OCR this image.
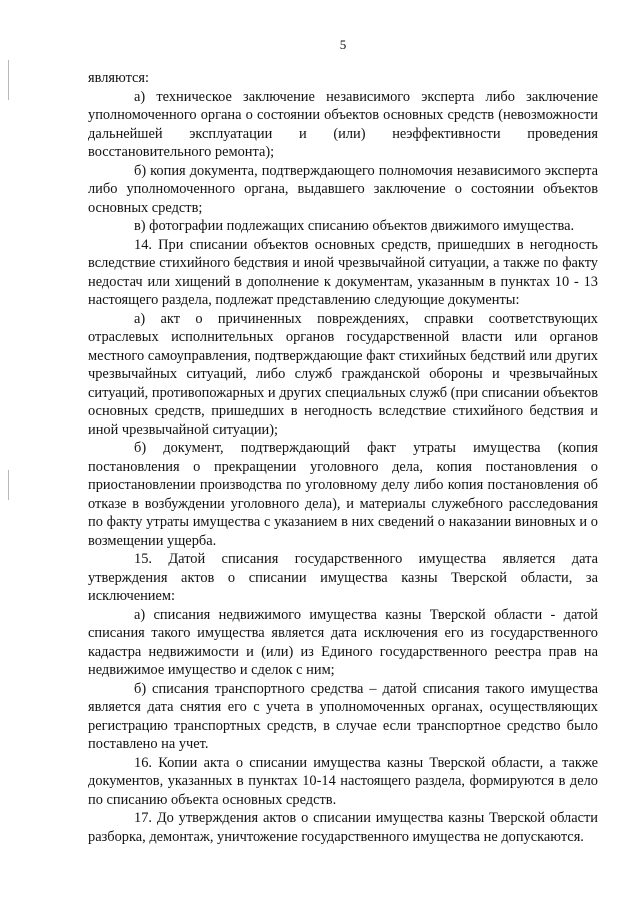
5

являются:

а) техническое заключение независимого эксперта либо заключение уполномоченного органа о состоянии объектов основных средств (невозможности дальнейшей эксплуатации и (или) неэффективности проведения восстановительного ремонта);

б) копия документа, подтверждающего полномочия независимого эксперта либо уполномоченного органа, выдавшего заключение о состоянии объектов основных средств;

в) фотографии подлежащих списанию объектов движимого имущества.

14. При списании объектов основных средств, пришедших в негодность вследствие стихийного бедствия и иной чрезвычайной ситуации, а также по факту недостач или хищений в дополнение к документам, указанным в пунктах 10 - 13 настоящего раздела, подлежат представлению следующие документы:

а) акт о причиненных повреждениях, справки соответствующих отраслевых исполнительных органов государственной власти или органов местного самоуправления, подтверждающие факт стихийных бедствий или других чрезвычайных ситуаций, либо служб гражданской обороны и чрезвычайных ситуаций, противопожарных и других специальных служб (при списании объектов основных средств, пришедших в негодность вследствие стихийного бедствия и иной чрезвычайной ситуации);

б) документ, подтверждающий факт утраты имущества (копия постановления о прекращении уголовного дела, копия постановления о приостановлении производства по уголовному делу либо копия постановления об отказе в возбуждении уголовного дела), и материалы служебного расследования по факту утраты имущества с указанием в них сведений о наказании виновных и о возмещении ущерба.

15. Датой списания государственного имущества является дата утверждения актов о списании имущества казны Тверской области, за исключением:

а) списания недвижимого имущества казны Тверской области - датой списания такого имущества является дата исключения его из государственного кадастра недвижимости и (или) из Единого государственного реестра прав на недвижимое имущество и сделок с ним;

б) списания транспортного средства – датой списания такого имущества является дата снятия его с учета в уполномоченных органах, осуществляющих регистрацию транспортных средств, в случае если транспортное средство было поставлено на учет.

16. Копии акта о списании имущества казны Тверской области, а также документов, указанных в пунктах 10-14 настоящего раздела, формируются в дело по списанию объекта основных средств.

17. До утверждения актов о списании имущества казны Тверской области разборка, демонтаж, уничтожение государственного имущества не допускаются.
